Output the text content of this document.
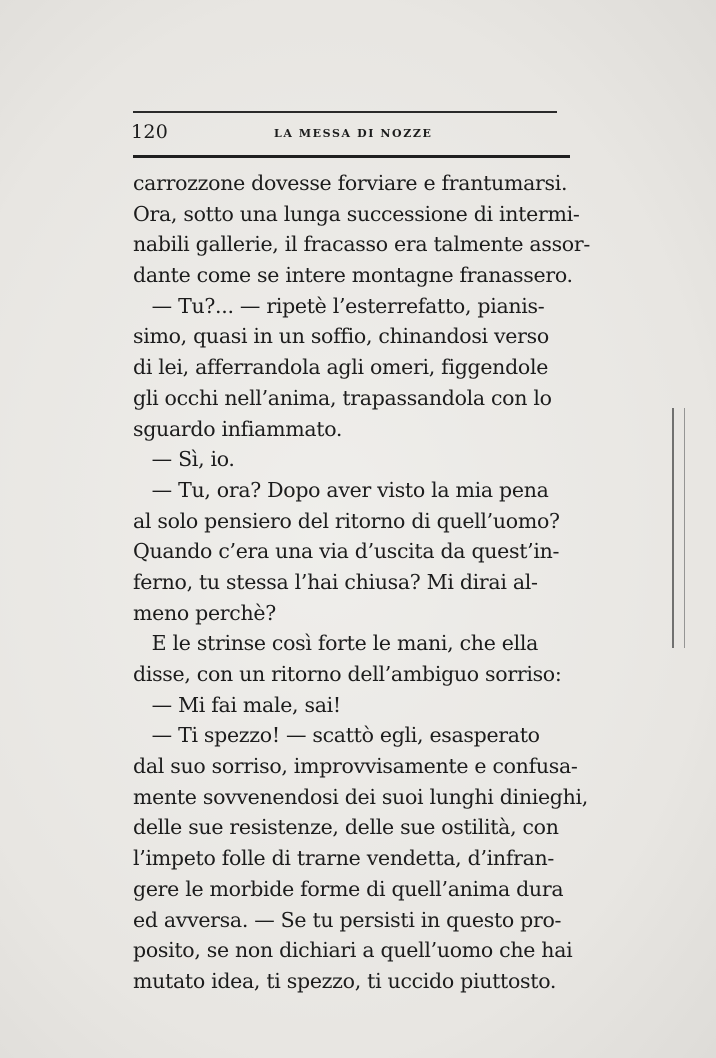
120	LA MESSA DI NOZZE
carrozzone dovesse forviare e frantumarsi.
Ora, sotto una lunga successione di intermi-
nabili gallerie, il fracasso era talmente assor-
dante come se intere montagne franassero.
— Tu?... — ripetè l’esterrefatto, pianis-
simo, quasi in un soffio, chinandosi verso
di lei, afferrandola agli omeri, figgendole
gli occhi nell’anima, trapassandola con lo
sguardo infiammato.
— Sì, io.
— Tu, ora? Dopo aver visto la mia pena
al solo pensiero del ritorno di quell’uomo?
Quando c’era una via d’uscita da quest’in-
ferno, tu stessa l’hai chiusa? Mi dirai al-
meno perchè?
E le strinse così forte le mani, che ella
disse, con un ritorno dell’ambiguo sorriso:
— Mi fai male, sai!
— Ti spezzo! — scattò egli, esasperato
dal suo sorriso, improvvisamente e confusa-
mente sovvenendosi dei suoi lunghi dinieghi,
delle sue resistenze, delle sue ostilità, con
l’impeto folle di trarne vendetta, d’infran-
gere le morbide forme di quell’anima dura
ed avversa. — Se tu persisti in questo pro-
posito, se non dichiari a quell’uomo che hai
mutato idea, ti spezzo, ti uccido piuttosto.
